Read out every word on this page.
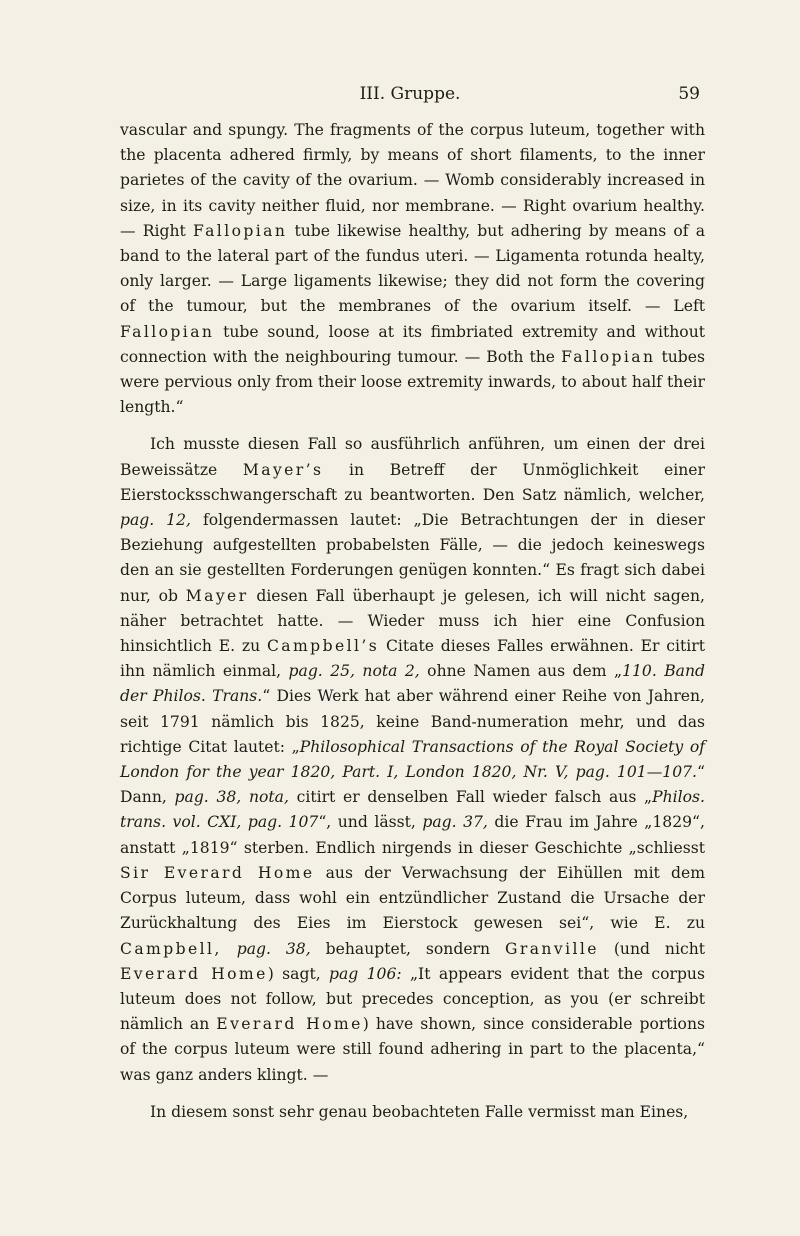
III. Gruppe.	59

vascular and spungy. The fragments of the corpus luteum, together with the placenta adhered firmly, by means of short filaments, to the inner parietes of the cavity of the ovarium. — Womb considerably increased in size, in its cavity neither fluid, nor membrane. — Right ovarium healthy. — Right Fallopian tube likewise healthy, but adhering by means of a band to the lateral part of the fundus uteri. — Ligamenta rotunda healty, only larger. — Large ligaments likewise; they did not form the covering of the tumour, but the membranes of the ovarium itself. — Left Fallopian tube sound, loose at its fimbriated extremity and without connection with the neighbouring tumour. — Both the Fallopian tubes were pervious only from their loose extremity inwards, to about half their length.“

Ich musste diesen Fall so ausführlich anführen, um einen der drei Beweissätze Mayer’s in Betreff der Unmöglichkeit einer Eierstocksschwangerschaft zu beantworten. Den Satz nämlich, welcher, pag. 12, folgendermassen lautet: „Die Betrachtungen der in dieser Beziehung aufgestellten probabelsten Fälle, — die jedoch keineswegs den an sie gestellten Forderungen genügen konnten.“ Es fragt sich dabei nur, ob Mayer diesen Fall überhaupt je gelesen, ich will nicht sagen, näher betrachtet hatte. — Wieder muss ich hier eine Confusion hinsichtlich E. zu Campbell’s Citate dieses Falles erwähnen. Er citirt ihn nämlich einmal, pag. 25, nota 2, ohne Namen aus dem „110. Band der Philos. Trans.“ Dies Werk hat aber während einer Reihe von Jahren, seit 1791 nämlich bis 1825, keine Band-numeration mehr, und das richtige Citat lautet: „Philosophical Transactions of the Royal Society of London for the year 1820, Part. I, London 1820, Nr. V, pag. 101—107.“ Dann, pag. 38, nota, citirt er denselben Fall wieder falsch aus „Philos. trans. vol. CXI, pag. 107“, und lässt, pag. 37, die Frau im Jahre „1829“, anstatt „1819“ sterben. Endlich nirgends in dieser Geschichte „schliesst Sir Everard Home aus der Verwachsung der Eihüllen mit dem Corpus luteum, dass wohl ein entzündlicher Zustand die Ursache der Zurückhaltung des Eies im Eierstock gewesen sei“, wie E. zu Campbell, pag. 38, behauptet, sondern Granville (und nicht Everard Home) sagt, pag 106: „It appears evident that the corpus luteum does not follow, but precedes conception, as you (er schreibt nämlich an Everard Home) have shown, since considerable portions of the corpus luteum were still found adhering in part to the placenta,“ was ganz anders klingt. —

In diesem sonst sehr genau beobachteten Falle vermisst man Eines,
